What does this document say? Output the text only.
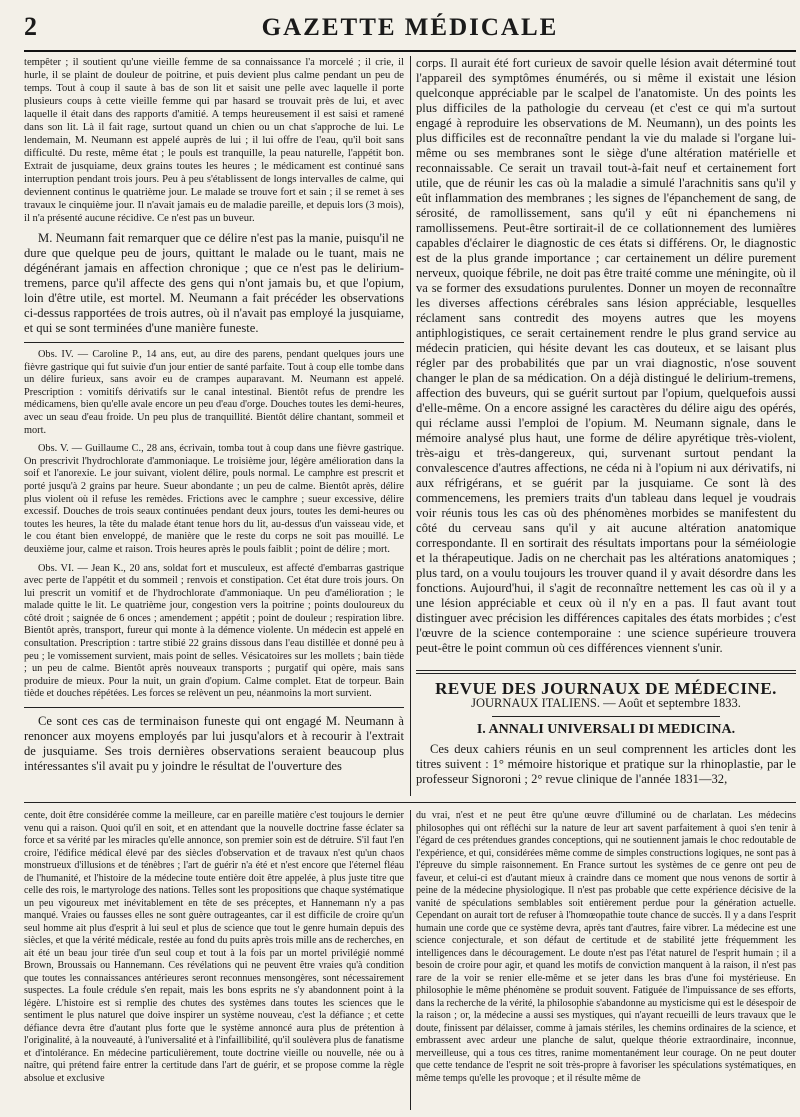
2	GAZETTE MÉDICALE

tempêter ; il soutient qu'une vieille femme de sa connaissance l'a morcelé ; il crie, il hurle, il se plaint de douleur de poitrine, et puis devient plus calme pendant un peu de temps. Tout à coup il saute à bas de son lit et saisit une pelle avec laquelle il porte plusieurs coups à cette vieille femme qui par hasard se trouvait près de lui, et avec laquelle il était dans des rapports d'amitié. A temps heureusement il est saisi et ramené dans son lit. Là il fait rage, surtout quand un chien ou un chat s'approche de lui. Le lendemain, M. Neumann est appelé auprès de lui ; il lui offre de l'eau, qu'il boit sans difficulté. Du reste, même état ; le pouls est tranquille, la peau naturelle, l'appétit bon. Extrait de jusquiame, deux grains toutes les heures ; le médicament est continué sans interruption pendant trois jours. Peu à peu s'établissent de longs intervalles de calme, qui deviennent continus le quatrième jour. Le malade se trouve fort et sain ; il se remet à ses travaux le cinquième jour. Il n'avait jamais eu de maladie pareille, et depuis lors (3 mois), il n'a présenté aucune récidive. Ce n'est pas un buveur.

M. Neumann fait remarquer que ce délire n'est pas la manie, puisqu'il ne dure que quelque peu de jours, quittant le malade ou le tuant, mais ne dégénérant jamais en affection chronique ; que ce n'est pas le delirium-tremens, parce qu'il affecte des gens qui n'ont jamais bu, et que l'opium, loin d'être utile, est mortel. M. Neumann a fait précéder les observations ci-dessus rapportées de trois autres, où il n'avait pas employé la jusquiame, et qui se sont terminées d'une manière funeste.

Obs. IV. — Caroline P., 14 ans, eut, au dire des parens, pendant quelques jours une fièvre gastrique qui fut suivie d'un jour entier de santé parfaite. Tout à coup elle tombe dans un délire furieux, sans avoir eu de crampes auparavant. M. Neumann est appelé. Prescription : vomitifs dérivatifs sur le canal intestinal. Bientôt refus de prendre les médicamens, bien qu'elle avale encore un peu d'eau d'orge. Douches toutes les demi-heures, avec un seau d'eau froide. Un peu plus de tranquillité. Bientôt délire chantant, sommeil et mort.

Obs. V. — Guillaume C., 28 ans, écrivain, tomba tout à coup dans une fièvre gastrique. On prescrivit l'hydrochlorate d'ammoniaque. Le troisième jour, légère amélioration dans la soif et l'anorexie. Le jour suivant, violent délire, pouls normal. Le camphre est prescrit et porté jusqu'à 2 grains par heure. Sueur abondante ; un peu de calme. Bientôt après, délire plus violent où il refuse les remèdes. Frictions avec le camphre ; sueur excessive, délire excessif. Douches de trois seaux continuées pendant deux jours, toutes les demi-heures ou toutes les heures, la tête du malade étant tenue hors du lit, au-dessus d'un vaisseau vide, et le cou étant bien enveloppé, de manière que le reste du corps ne soit pas mouillé. Le deuxième jour, calme et raison. Trois heures après le pouls faiblit ; point de délire ; mort.

Obs. VI. — Jean K., 20 ans, soldat fort et musculeux, est affecté d'embarras gastrique avec perte de l'appétit et du sommeil ; renvois et constipation. Cet état dure trois jours. On lui prescrit un vomitif et de l'hydrochlorate d'ammoniaque. Un peu d'amélioration ; le malade quitte le lit. Le quatrième jour, congestion vers la poitrine ; points douloureux du côté droit ; saignée de 6 onces ; amendement ; appétit ; point de douleur ; respiration libre. Bientôt après, transport, fureur qui monte à la démence violente. Un médecin est appelé en consultation. Prescription : tartre stibié 22 grains dissous dans l'eau distillée et donné peu à peu ; le vomissement survient, mais point de selles. Vésicatoires sur les mollets ; bain tiède ; un peu de calme. Bientôt après nouveaux transports ; purgatif qui opère, mais sans produire de mieux. Pour la nuit, un grain d'opium. Calme complet. Etat de torpeur. Bain tiède et douches répétées. Les forces se relèvent un peu, néanmoins la mort survient.

Ce sont ces cas de terminaison funeste qui ont engagé M. Neumann à renoncer aux moyens employés par lui jusqu'alors et à recourir à l'extrait de jusquiame. Ses trois dernières observations seraient beaucoup plus intéressantes s'il avait pu y joindre le résultat de l'ouverture des

corps. Il aurait été fort curieux de savoir quelle lésion avait déterminé tout l'appareil des symptômes énumérés, ou si même il existait une lésion quelconque appréciable par le scalpel de l'anatomiste. Un des points les plus difficiles de la pathologie du cerveau (et c'est ce qui m'a surtout engagé à reproduire les observations de M. Neumann), un des points les plus difficiles est de reconnaître pendant la vie du malade si l'organe lui-même ou ses membranes sont le siège d'une altération matérielle et reconnaissable. Ce serait un travail tout-à-fait neuf et certainement fort utile, que de réunir les cas où la maladie a simulé l'arachnitis sans qu'il y eût inflammation des membranes ; les signes de l'épanchement de sang, de sérosité, de ramollissement, sans qu'il y eût ni épanchemens ni ramollissemens. Peut-être sortirait-il de ce collationnement des lumières capables d'éclairer le diagnostic de ces états si différens. Or, le diagnostic est de la plus grande importance ; car certainement un délire purement nerveux, quoique fébrile, ne doit pas être traité comme une méningite, où il va se former des exsudations purulentes. Donner un moyen de reconnaître les diverses affections cérébrales sans lésion appréciable, lesquelles réclament sans contredit des moyens autres que les moyens antiphlogistiques, ce serait certainement rendre le plus grand service au médecin praticien, qui hésite devant les cas douteux, et se laisant plus régler par des probabilités que par un vrai diagnostic, n'ose souvent changer le plan de sa médication. On a déjà distingué le delirium-tremens, affection des buveurs, qui se guérit surtout par l'opium, quelquefois aussi d'elle-même. On a encore assigné les caractères du délire aigu des opérés, qui réclame aussi l'emploi de l'opium. M. Neumann signale, dans le mémoire analysé plus haut, une forme de délire apyrétique très-violent, très-aigu et très-dangereux, qui, survenant surtout pendant la convalescence d'autres affections, ne céda ni à l'opium ni aux dérivatifs, ni aux réfrigérans, et se guérit par la jusquiame. Ce sont là des commencemens, les premiers traits d'un tableau dans lequel je voudrais voir réunis tous les cas où des phénomènes morbides se manifestent du côté du cerveau sans qu'il y ait aucune altération anatomique correspondante. Il en sortirait des résultats importans pour la séméiologie et la thérapeutique. Jadis on ne cherchait pas les altérations anatomiques ; plus tard, on a voulu toujours les trouver quand il y avait désordre dans les fonctions. Aujourd'hui, il s'agit de reconnaître nettement les cas où il y a une lésion appréciable et ceux où il n'y en a pas. Il faut avant tout distinguer avec précision les différences capitales des états morbides ; c'est l'œuvre de la science contemporaine : une science supérieure trouvera peut-être le point commun où ces différences viennent s'unir.

REVUE DES JOURNAUX DE MÉDECINE.
JOURNAUX ITALIENS. — Août et septembre 1833.
I. ANNALI UNIVERSALI DI MEDICINA.

Ces deux cahiers réunis en un seul comprennent les articles dont les titres suivent : 1° mémoire historique et pratique sur la rhinoplastie, par le professeur Signoroni ; 2° revue clinique de l'année 1831—32,

cente, doit être considérée comme la meilleure, car en pareille matière c'est toujours le dernier venu qui a raison. Quoi qu'il en soit, et en attendant que la nouvelle doctrine fasse éclater sa force et sa vérité par les miracles qu'elle annonce, son premier soin est de détruire. S'il faut l'en croire, l'édifice médical élevé par des siècles d'observation et de travaux n'est qu'un chaos monstrueux d'illusions et de ténèbres ; l'art de guérir n'a été et n'est encore que l'éternel fléau de l'humanité, et l'histoire de la médecine toute entière doit être appelée, à plus juste titre que celle des rois, le martyrologe des nations. Telles sont les propositions que chaque systématique un peu vigoureux met inévitablement en tête de ses préceptes, et Hannemann n'y a pas manqué. Vraies ou fausses elles ne sont guère outrageantes, car il est difficile de croire qu'un seul homme ait plus d'esprit à lui seul et plus de science que tout le genre humain depuis des siècles, et que la vérité médicale, restée au fond du puits après trois mille ans de recherches, en ait été un beau jour tirée d'un seul coup et tout à la fois par un mortel privilégié nommé Brown, Broussais ou Hannemann. Ces révélations qui ne peuvent être vraies qu'à condition que toutes les connaissances antérieures seront reconnues mensongères, sont nécessairement suspectes. La foule crédule s'en repait, mais les bons esprits ne s'y abandonnent point à la légère. L'histoire est si remplie des chutes des systèmes dans toutes les sciences que le sentiment le plus naturel que doive inspirer un système nouveau, c'est la défiance ; et cette défiance devra être d'autant plus forte que le système annoncé aura plus de prétention à l'originalité, à la nouveauté, à l'universalité et à l'infaillibilité, qu'il soulèvera plus de fanatisme et d'intolérance. En médecine particulièrement, toute doctrine vieille ou nouvelle, née ou à naître, qui prétend faire entrer la certitude dans l'art de guérir, et se propose comme la règle absolue et exclusive

du vrai, n'est et ne peut être qu'une œuvre d'illuminé ou de charlatan. Les médecins philosophes qui ont réfléchi sur la nature de leur art savent parfaitement à quoi s'en tenir à l'égard de ces prétendues grandes conceptions, qui ne soutiennent jamais le choc redoutable de l'expérience, et qui, considérées même comme de simples constructions logiques, ne sont pas à l'épreuve du simple raisonnement. En France surtout les systèmes de ce genre ont peu de faveur, et celui-ci est d'autant mieux à craindre dans ce moment que nous venons de sortir à peine de la médecine physiologique. Il n'est pas probable que cette expérience décisive de la vanité de spéculations semblables soit entièrement perdue pour la génération actuelle. Cependant on aurait tort de refuser à l'homœopathie toute chance de succès. Il y a dans l'esprit humain une corde que ce système devra, après tant d'autres, faire vibrer. La médecine est une science conjecturale, et son défaut de certitude et de stabilité jette fréquemment les intelligences dans le découragement. Le doute n'est pas l'état naturel de l'esprit humain ; il a besoin de croire pour agir, et quand les motifs de conviction manquent à la raison, il n'est pas rare de la voir se renier elle-même et se jeter dans les bras d'une foi mystérieuse. En philosophie le même phénomène se produit souvent. Fatiguée de l'impuissance de ses efforts, dans la recherche de la vérité, la philosophie s'abandonne au mysticisme qui est le désespoir de la raison ; or, la médecine a aussi ses mystiques, qui n'ayant recueilli de leurs travaux que le doute, finissent par délaisser, comme à jamais stériles, les chemins ordinaires de la science, et embrassent avec ardeur une planche de salut, quelque théorie extraordinaire, inconnue, merveilleuse, qui a tous ces titres, ranime momentanément leur courage. On ne peut douter que cette tendance de l'esprit ne soit très-propre à favoriser les spéculations systématiques, en même temps qu'elle les provoque ; et il résulte même de
